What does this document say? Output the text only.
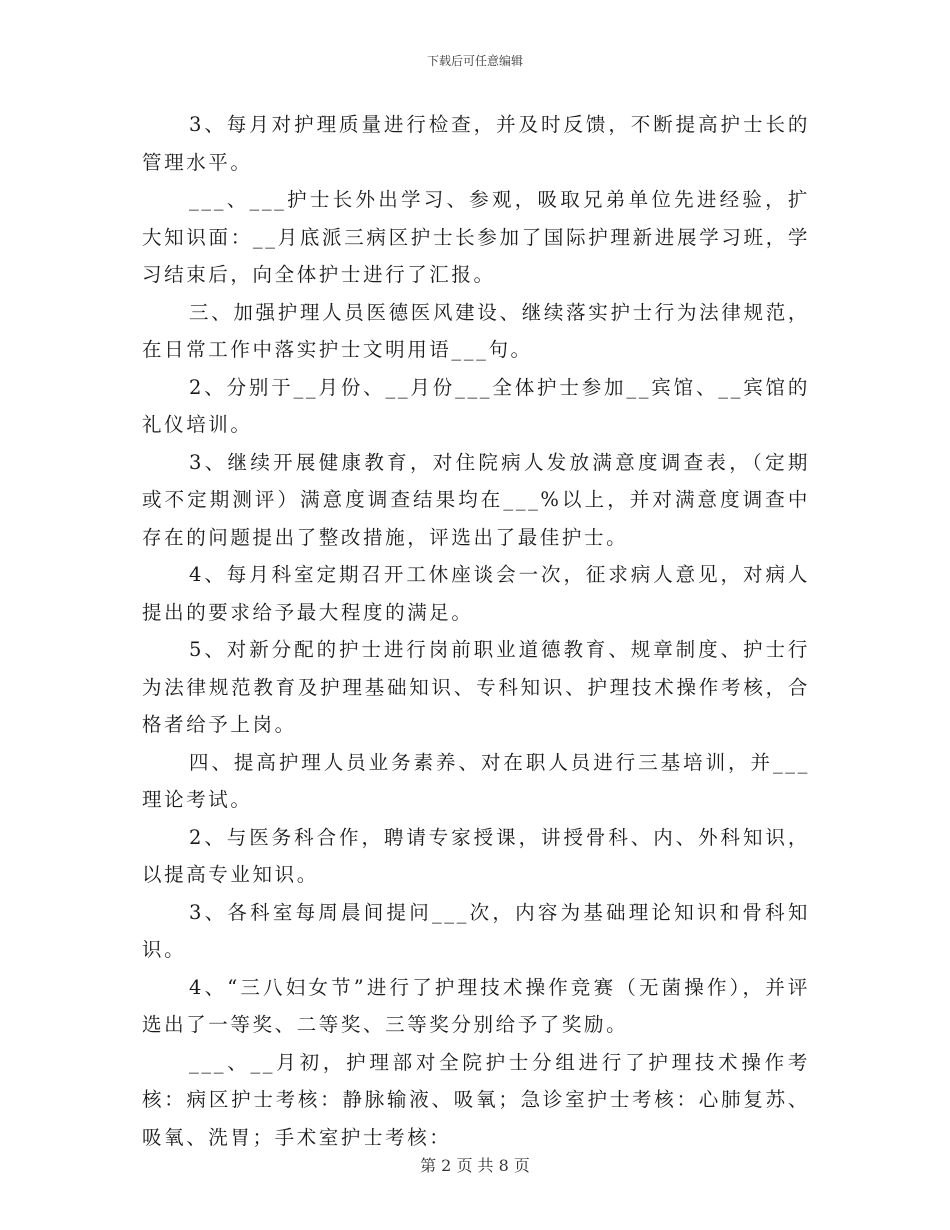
下载后可任意编辑

3、每月对护理质量进行检查，并及时反馈，不断提高护士长的管理水平。

___、___护士长外出学习、参观，吸取兄弟单位先进经验，扩大知识面：__月底派三病区护士长参加了国际护理新进展学习班，学习结束后，向全体护士进行了汇报。

三、加强护理人员医德医风建设、继续落实护士行为法律规范，在日常工作中落实护士文明用语___句。

2、分别于__月份、__月份___全体护士参加__宾馆、__宾馆的礼仪培训。

3、继续开展健康教育，对住院病人发放满意度调查表，（定期或不定期测评）满意度调查结果均在___%以上，并对满意度调查中存在的问题提出了整改措施，评选出了最佳护士。

4、每月科室定期召开工休座谈会一次，征求病人意见，对病人提出的要求给予最大程度的满足。

5、对新分配的护士进行岗前职业道德教育、规章制度、护士行为法律规范教育及护理基础知识、专科知识、护理技术操作考核，合格者给予上岗。

四、提高护理人员业务素养、对在职人员进行三基培训，并___理论考试。

2、与医务科合作，聘请专家授课，讲授骨科、内、外科知识，以提高专业知识。

3、各科室每周晨间提问___次，内容为基础理论知识和骨科知识。

4、“三八妇女节”进行了护理技术操作竞赛（无菌操作），并评选出了一等奖、二等奖、三等奖分别给予了奖励。

___、__月初，护理部对全院护士分组进行了护理技术操作考核：病区护士考核：静脉输液、吸氧；急诊室护士考核：心肺复苏、吸氧、洗胃；手术室护士考核：

第 2 页 共 8 页
